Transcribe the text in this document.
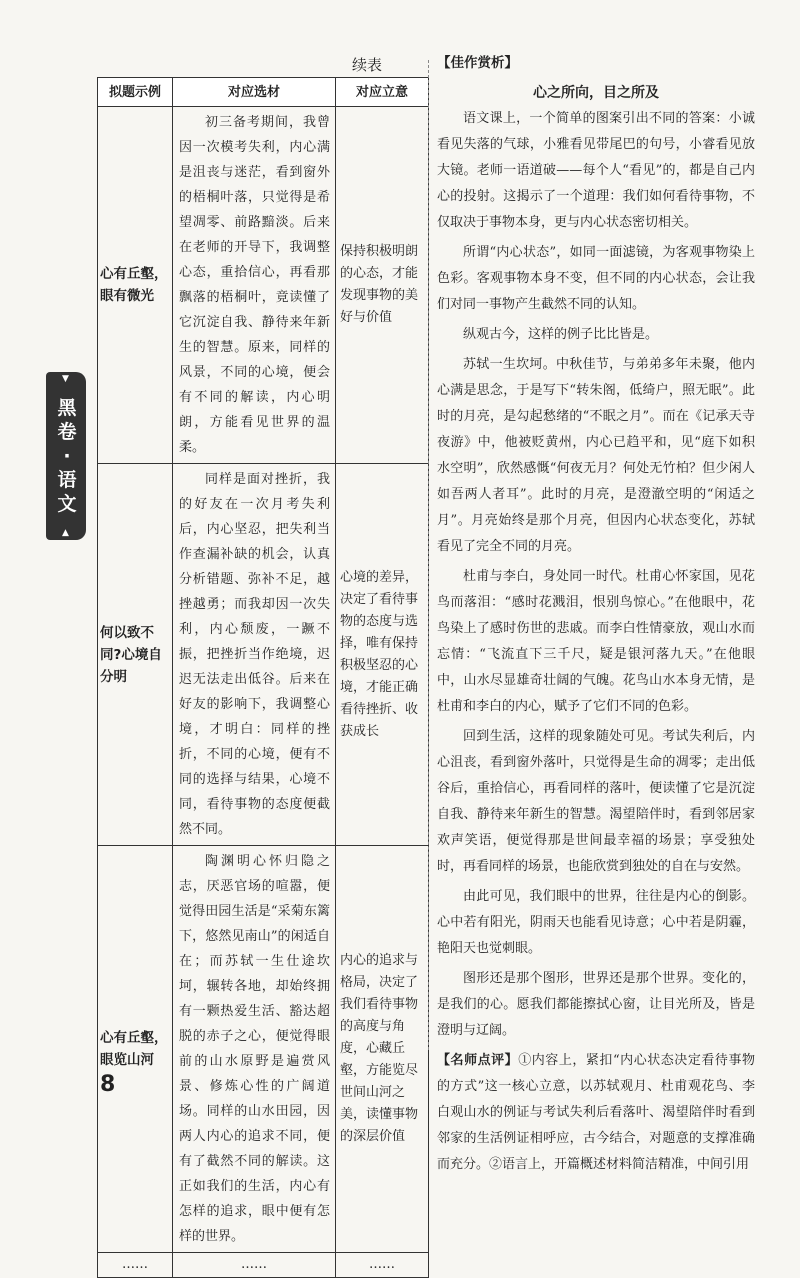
续表
拟题示例	对应选材	对应立意
心有丘壑，眼有微光	初三备考期间，我曾因一次模考失利，内心满是沮丧与迷茫，看到窗外的梧桐叶落，只觉得是希望凋零、前路黯淡。后来在老师的开导下，我调整心态，重拾信心，再看那飘落的梧桐叶，竟读懂了它沉淀自我、静待来年新生的智慧。原来，同样的风景，不同的心境，便会有不同的解读，内心明朗，方能看见世界的温柔。	保持积极明朗的心态，才能发现事物的美好与价值
何以致不同?心境自分明	同样是面对挫折，我的好友在一次月考失利后，内心坚忍，把失利当作查漏补缺的机会，认真分析错题、弥补不足，越挫越勇；而我却因一次失利，内心颓废，一蹶不振，把挫折当作绝境，迟迟无法走出低谷。后来在好友的影响下，我调整心境，才明白：同样的挫折，不同的心境，便有不同的选择与结果，心境不同，看待事物的态度便截然不同。	心境的差异，决定了看待事物的态度与选择，唯有保持积极坚忍的心境，才能正确看待挫折、收获成长
心有丘壑，眼览山河	陶渊明心怀归隐之志，厌恶官场的喧嚣，便觉得田园生活是“采菊东篱下，悠然见南山”的闲适自在；而苏轼一生仕途坎坷，辗转各地，却始终拥有一颗热爱生活、豁达超脱的赤子之心，便觉得眼前的山水原野是遍赏风景、修炼心性的广阔道场。同样的山水田园，因两人内心的追求不同，便有了截然不同的解读。这正如我们的生活，内心有怎样的追求，眼中便有怎样的世界。	内心的追求与格局，决定了我们看待事物的高度与角度，心藏丘壑，方能览尽世间山河之美，读懂事物的深层价值
……	……	……
【佳作赏析】
心之所向，目之所及

语文课上，一个简单的图案引出不同的答案：小诚看见失落的气球，小雅看见带尾巴的句号，小睿看见放大镜。老师一语道破——每个人“看见”的，都是自己内心的投射。这揭示了一个道理：我们如何看待事物，不仅取决于事物本身，更与内心状态密切相关。

所谓“内心状态”，如同一面滤镜，为客观事物染上色彩。客观事物本身不变，但不同的内心状态，会让我们对同一事物产生截然不同的认知。

纵观古今，这样的例子比比皆是。

苏轼一生坎坷。中秋佳节，与弟弟多年未聚，他内心满是思念，于是写下“转朱阁，低绮户，照无眠”。此时的月亮，是勾起愁绪的“不眠之月”。而在《记承天寺夜游》中，他被贬黄州，内心已趋平和，见“庭下如积水空明”，欣然感慨“何夜无月？何处无竹柏？但少闲人如吾两人者耳”。此时的月亮，是澄澈空明的“闲适之月”。月亮始终是那个月亮，但因内心状态变化，苏轼看见了完全不同的月亮。

杜甫与李白，身处同一时代。杜甫心怀家国，见花鸟而落泪：“感时花溅泪，恨别鸟惊心。”在他眼中，花鸟染上了感时伤世的悲戚。而李白性情豪放，观山水而忘情：“飞流直下三千尺，疑是银河落九天。”在他眼中，山水尽显雄奇壮阔的气魄。花鸟山水本身无情，是杜甫和李白的内心，赋予了它们不同的色彩。

回到生活，这样的现象随处可见。考试失利后，内心沮丧，看到窗外落叶，只觉得是生命的凋零；走出低谷后，重拾信心，再看同样的落叶，便读懂了它是沉淀自我、静待来年新生的智慧。渴望陪伴时，看到邻居家欢声笑语，便觉得那是世间最幸福的场景；享受独处时，再看同样的场景，也能欣赏到独处的自在与安然。

由此可见，我们眼中的世界，往往是内心的倒影。心中若有阳光，阴雨天也能看见诗意；心中若是阴霾，艳阳天也觉刺眼。

图形还是那个图形，世界还是那个世界。变化的，是我们的心。愿我们都能擦拭心窗，让目光所及，皆是澄明与辽阔。

【名师点评】①内容上，紧扣“内心状态决定看待事物的方式”这一核心立意，以苏轼观月、杜甫观花鸟、李白观山水的例证与考试失利后看落叶、渴望陪伴时看到邻家的生活例证相呼应，古今结合，对题意的支撑准确而充分。②语言上，开篇概述材料简洁精准，中间引用

▼
黑卷·语文
▲
8
